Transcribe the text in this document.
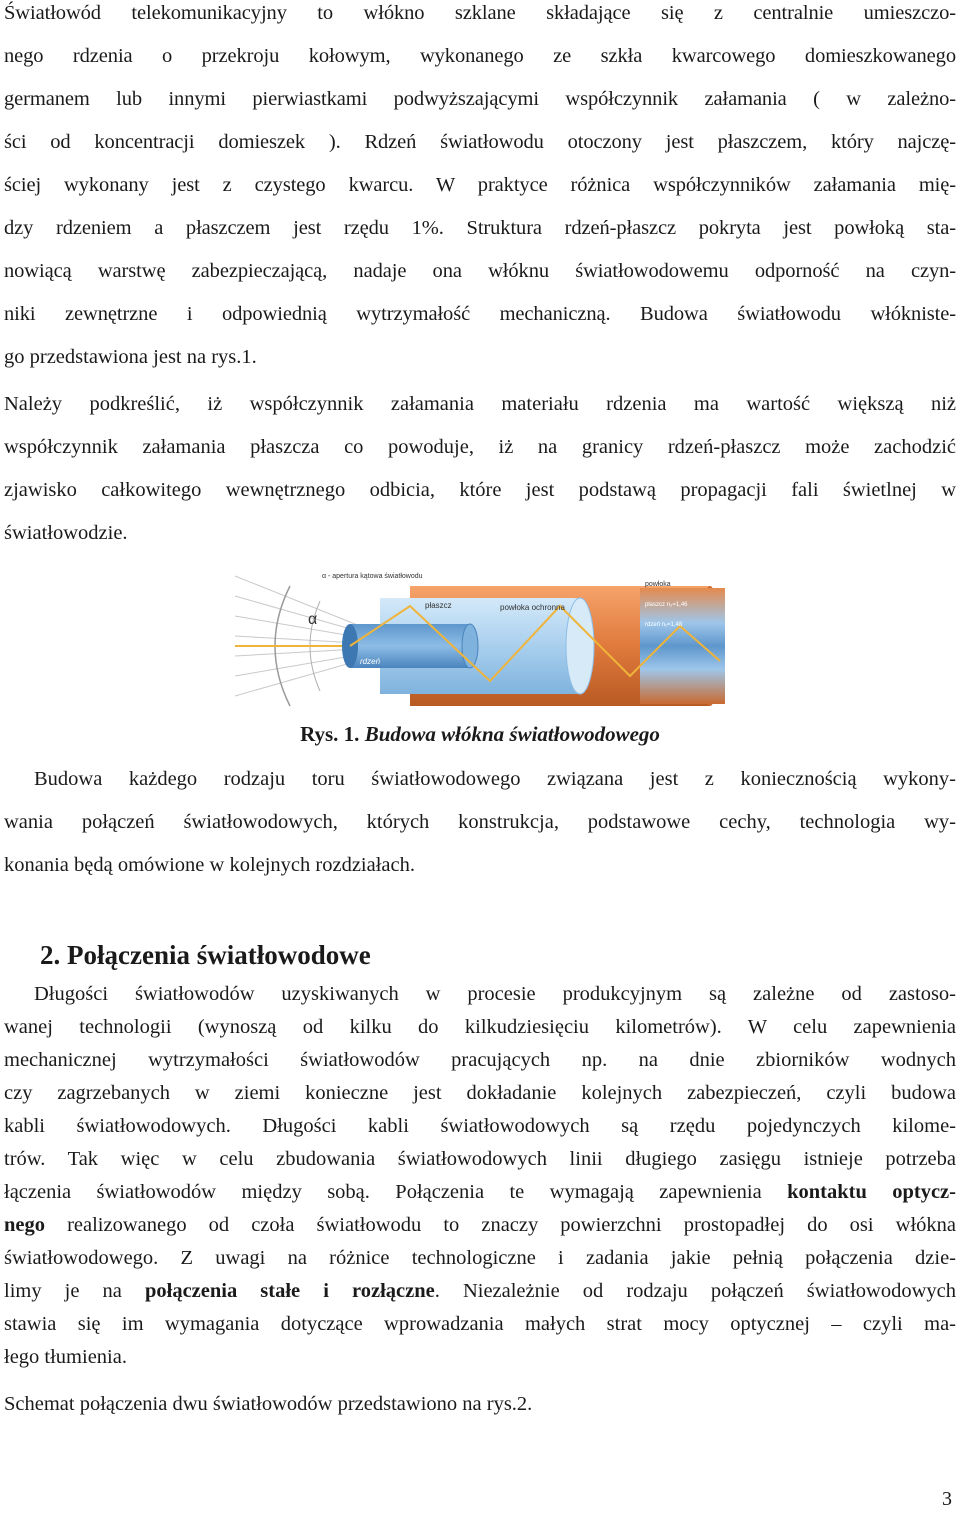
Światłowód telekomunikacyjny to włókno szklane składające się z centralnie umieszczo-
nego rdzenia o przekroju kołowym, wykonanego ze szkła kwarcowego domieszkowanego
germanem lub innymi pierwiastkami podwyższającymi współczynnik załamania ( w zależno-
ści od koncentracji domieszek ). Rdzeń światłowodu otoczony jest płaszczem, który najczę-
ściej wykonany jest z czystego kwarcu. W praktyce różnica współczynników załamania mię-
dzy rdzeniem a płaszczem jest rzędu 1%. Struktura rdzeń-płaszcz pokryta jest powłoką sta-
nowiącą warstwę zabezpieczającą, nadaje ona włóknu światłowodowemu odporność na czyn-
niki zewnętrzne i odpowiednią wytrzymałość mechaniczną. Budowa światłowodu włókniste-
go przedstawiona jest na rys.1.
Należy podkreślić, iż współczynnik załamania materiału rdzenia ma wartość większą niż
współczynnik załamania płaszcza co powoduje, iż na granicy rdzeń-płaszcz może zachodzić
zjawisko całkowitego wewnętrznego odbicia, które jest podstawą propagacji fali świetlnej w
światłowodzie.
α - apertura kątowa światłowodu
α
płaszcz	powłoka ochronna
rdzeń
powłoka
płaszcz n₂=1,46
rdzeń n₁=1,48
Rys. 1. Budowa włókna światłowodowego
Budowa każdego rodzaju toru światłowodowego związana jest z koniecznością wykony-
wania połączeń światłowodowych, których konstrukcja, podstawowe cechy, technologia wy-
konania będą omówione w kolejnych rozdziałach.
2. Połączenia światłowodowe
Długości światłowodów uzyskiwanych w procesie produkcyjnym są zależne od zastoso-
wanej technologii (wynoszą od kilku do kilkudziesięciu kilometrów). W celu zapewnienia
mechanicznej wytrzymałości światłowodów pracujących np. na dnie zbiorników wodnych
czy zagrzebanych w ziemi konieczne jest dokładanie kolejnych zabezpieczeń, czyli budowa
kabli światłowodowych. Długości kabli światłowodowych są rzędu pojedynczych kilome-
trów. Tak więc w celu zbudowania światłowodowych linii długiego zasięgu istnieje potrzeba
łączenia światłowodów między sobą. Połączenia te wymagają zapewnienia kontaktu optycz-
nego realizowanego od czoła światłowodu to znaczy powierzchni prostopadłej do osi włókna
światłowodowego. Z uwagi na różnice technologiczne i zadania jakie pełnią połączenia dzie-
limy je na połączenia stałe i rozłączne. Niezależnie od rodzaju połączeń światłowodowych
stawia się im wymagania dotyczące wprowadzania małych strat mocy optycznej – czyli ma-
łego tłumienia.
Schemat połączenia dwu światłowodów przedstawiono na rys.2.
3
